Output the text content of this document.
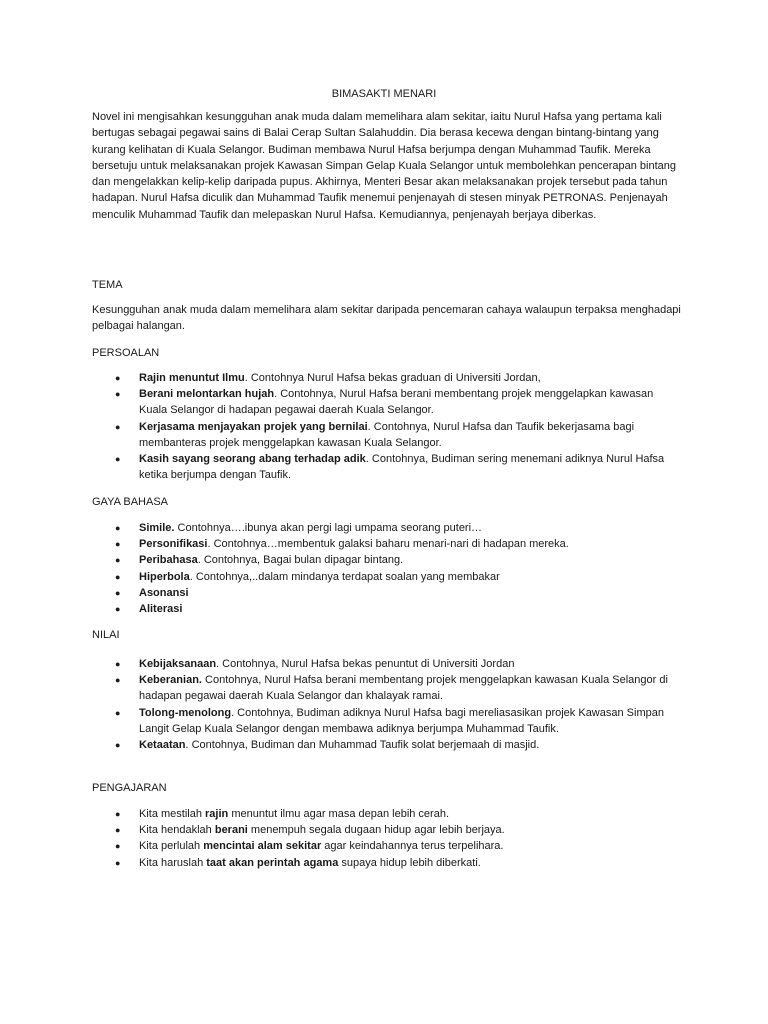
BIMASAKTI MENARI

Novel ini mengisahkan kesungguhan anak muda dalam memelihara alam sekitar, iaitu Nurul Hafsa yang pertama kali bertugas sebagai pegawai sains di Balai Cerap Sultan Salahuddin. Dia berasa kecewa dengan bintang-bintang yang kurang kelihatan di Kuala Selangor. Budiman membawa Nurul Hafsa berjumpa dengan Muhammad Taufik. Mereka bersetuju untuk melaksanakan projek Kawasan Simpan Gelap Kuala Selangor untuk membolehkan pencerapan bintang dan mengelakkan kelip-kelip daripada pupus. Akhirnya, Menteri Besar akan melaksanakan projek tersebut pada tahun hadapan. Nurul Hafsa diculik dan Muhammad Taufik menemui penjenayah di stesen minyak PETRONAS. Penjenayah menculik Muhammad Taufik dan melepaskan Nurul Hafsa. Kemudiannya, penjenayah berjaya diberkas.

TEMA

Kesungguhan anak muda dalam memelihara alam sekitar daripada pencemaran cahaya walaupun terpaksa menghadapi pelbagai halangan.

PERSOALAN
● Rajin menuntut Ilmu. Contohnya Nurul Hafsa bekas graduan di Universiti Jordan,
● Berani melontarkan hujah. Contohnya, Nurul Hafsa berani membentang projek menggelapkan kawasan Kuala Selangor di hadapan pegawai daerah Kuala Selangor.
● Kerjasama menjayakan projek yang bernilai. Contohnya, Nurul Hafsa dan Taufik bekerjasama bagi membanteras projek menggelapkan kawasan Kuala Selangor.
● Kasih sayang seorang abang terhadap adik. Contohnya, Budiman sering menemani adiknya Nurul Hafsa ketika berjumpa dengan Taufik.
GAYA BAHASA
● Simile. Contohnya….ibunya akan pergi lagi umpama seorang puteri…
● Personifikasi. Contohnya…membentuk galaksi baharu menari-nari di hadapan mereka.
● Peribahasa. Contohnya, Bagai bulan dipagar bintang.
● Hiperbola. Contohnya,..dalam mindanya terdapat soalan yang membakar
● Asonansi
● Aliterasi
NILAI
● Kebijaksanaan. Contohnya, Nurul Hafsa bekas penuntut di Universiti Jordan
● Keberanian. Contohnya, Nurul Hafsa berani membentang projek menggelapkan kawasan Kuala Selangor di hadapan pegawai daerah Kuala Selangor dan khalayak ramai.
● Tolong-menolong. Contohnya, Budiman adiknya Nurul Hafsa bagi mereliasasikan projek Kawasan Simpan Langit Gelap Kuala Selangor dengan membawa adiknya berjumpa Muhammad Taufik.
● Ketaatan. Contohnya, Budiman dan Muhammad Taufik solat berjemaah di masjid.
PENGAJARAN
● Kita mestilah rajin menuntut ilmu agar masa depan lebih cerah.
● Kita hendaklah berani menempuh segala dugaan hidup agar lebih berjaya.
● Kita perlulah mencintai alam sekitar agar keindahannya terus terpelihara.
● Kita haruslah taat akan perintah agama supaya hidup lebih diberkati.
